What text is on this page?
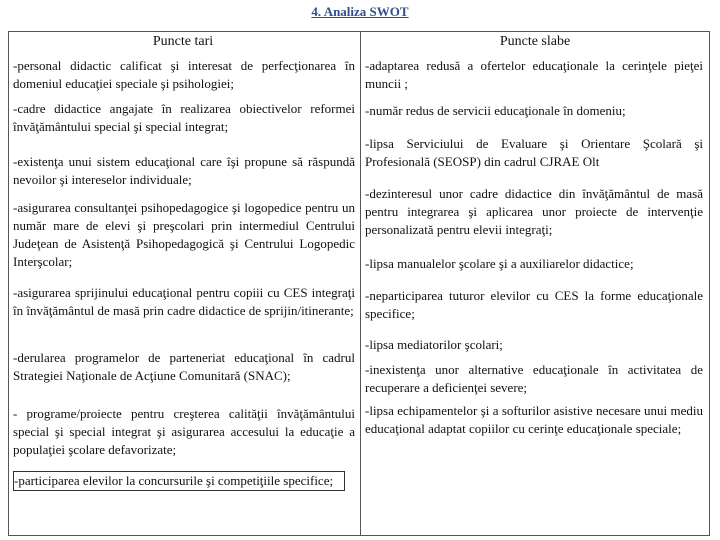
4. Analiza SWOT
Puncte tari	Puncte slabe
-personal didactic calificat şi interesat de perfecţionarea în domeniul educaţiei speciale şi psihologiei;
-cadre didactice angajate în realizarea obiectivelor reformei învăţământului special şi special integrat;
-existenţa unui sistem educaţional care îşi propune să răspundă nevoilor şi intereselor individuale;
-asigurarea consultanţei psihopedagogice şi logopedice pentru un număr mare de elevi şi preşcolari prin intermediul Centrului Judeţean de Asistenţă Psihopedagogică şi Centrului Logopedic Interşcolar;
-asigurarea sprijinului educaţional pentru copiii cu CES integraţi în învăţământul de masă prin cadre didactice de sprijin/itinerante;
-derularea programelor de parteneriat educaţional în cadrul Strategiei Naţionale de Acţiune Comunitară (SNAC);
- programe/proiecte pentru creşterea calităţii învăţământului special şi special integrat şi asigurarea accesului la educaţie a populaţiei şcolare defavorizate;
-participarea elevilor la concursurile şi competiţiile specifice;
-adaptarea redusă a ofertelor educaţionale la cerinţele pieţei muncii ;
-număr redus de servicii educaţionale în domeniu;
-lipsa Serviciului de Evaluare şi Orientare Şcolară şi Profesională (SEOSP) din cadrul CJRAE Olt
-dezinteresul unor cadre didactice din învăţământul de masă pentru integrarea şi aplicarea unor proiecte de intervenţie personalizată pentru elevii integraţi;
-lipsa manualelor şcolare şi a auxiliarelor didactice;
-neparticiparea tuturor elevilor cu CES la forme educaţionale specifice;
-lipsa mediatorilor şcolari;
-inexistenţa unor alternative educaţionale în activitatea de recuperare a deficienţei severe;
-lipsa echipamentelor şi a softurilor asistive necesare unui mediu educaţional adaptat copiilor cu cerinţe educaţionale speciale;
